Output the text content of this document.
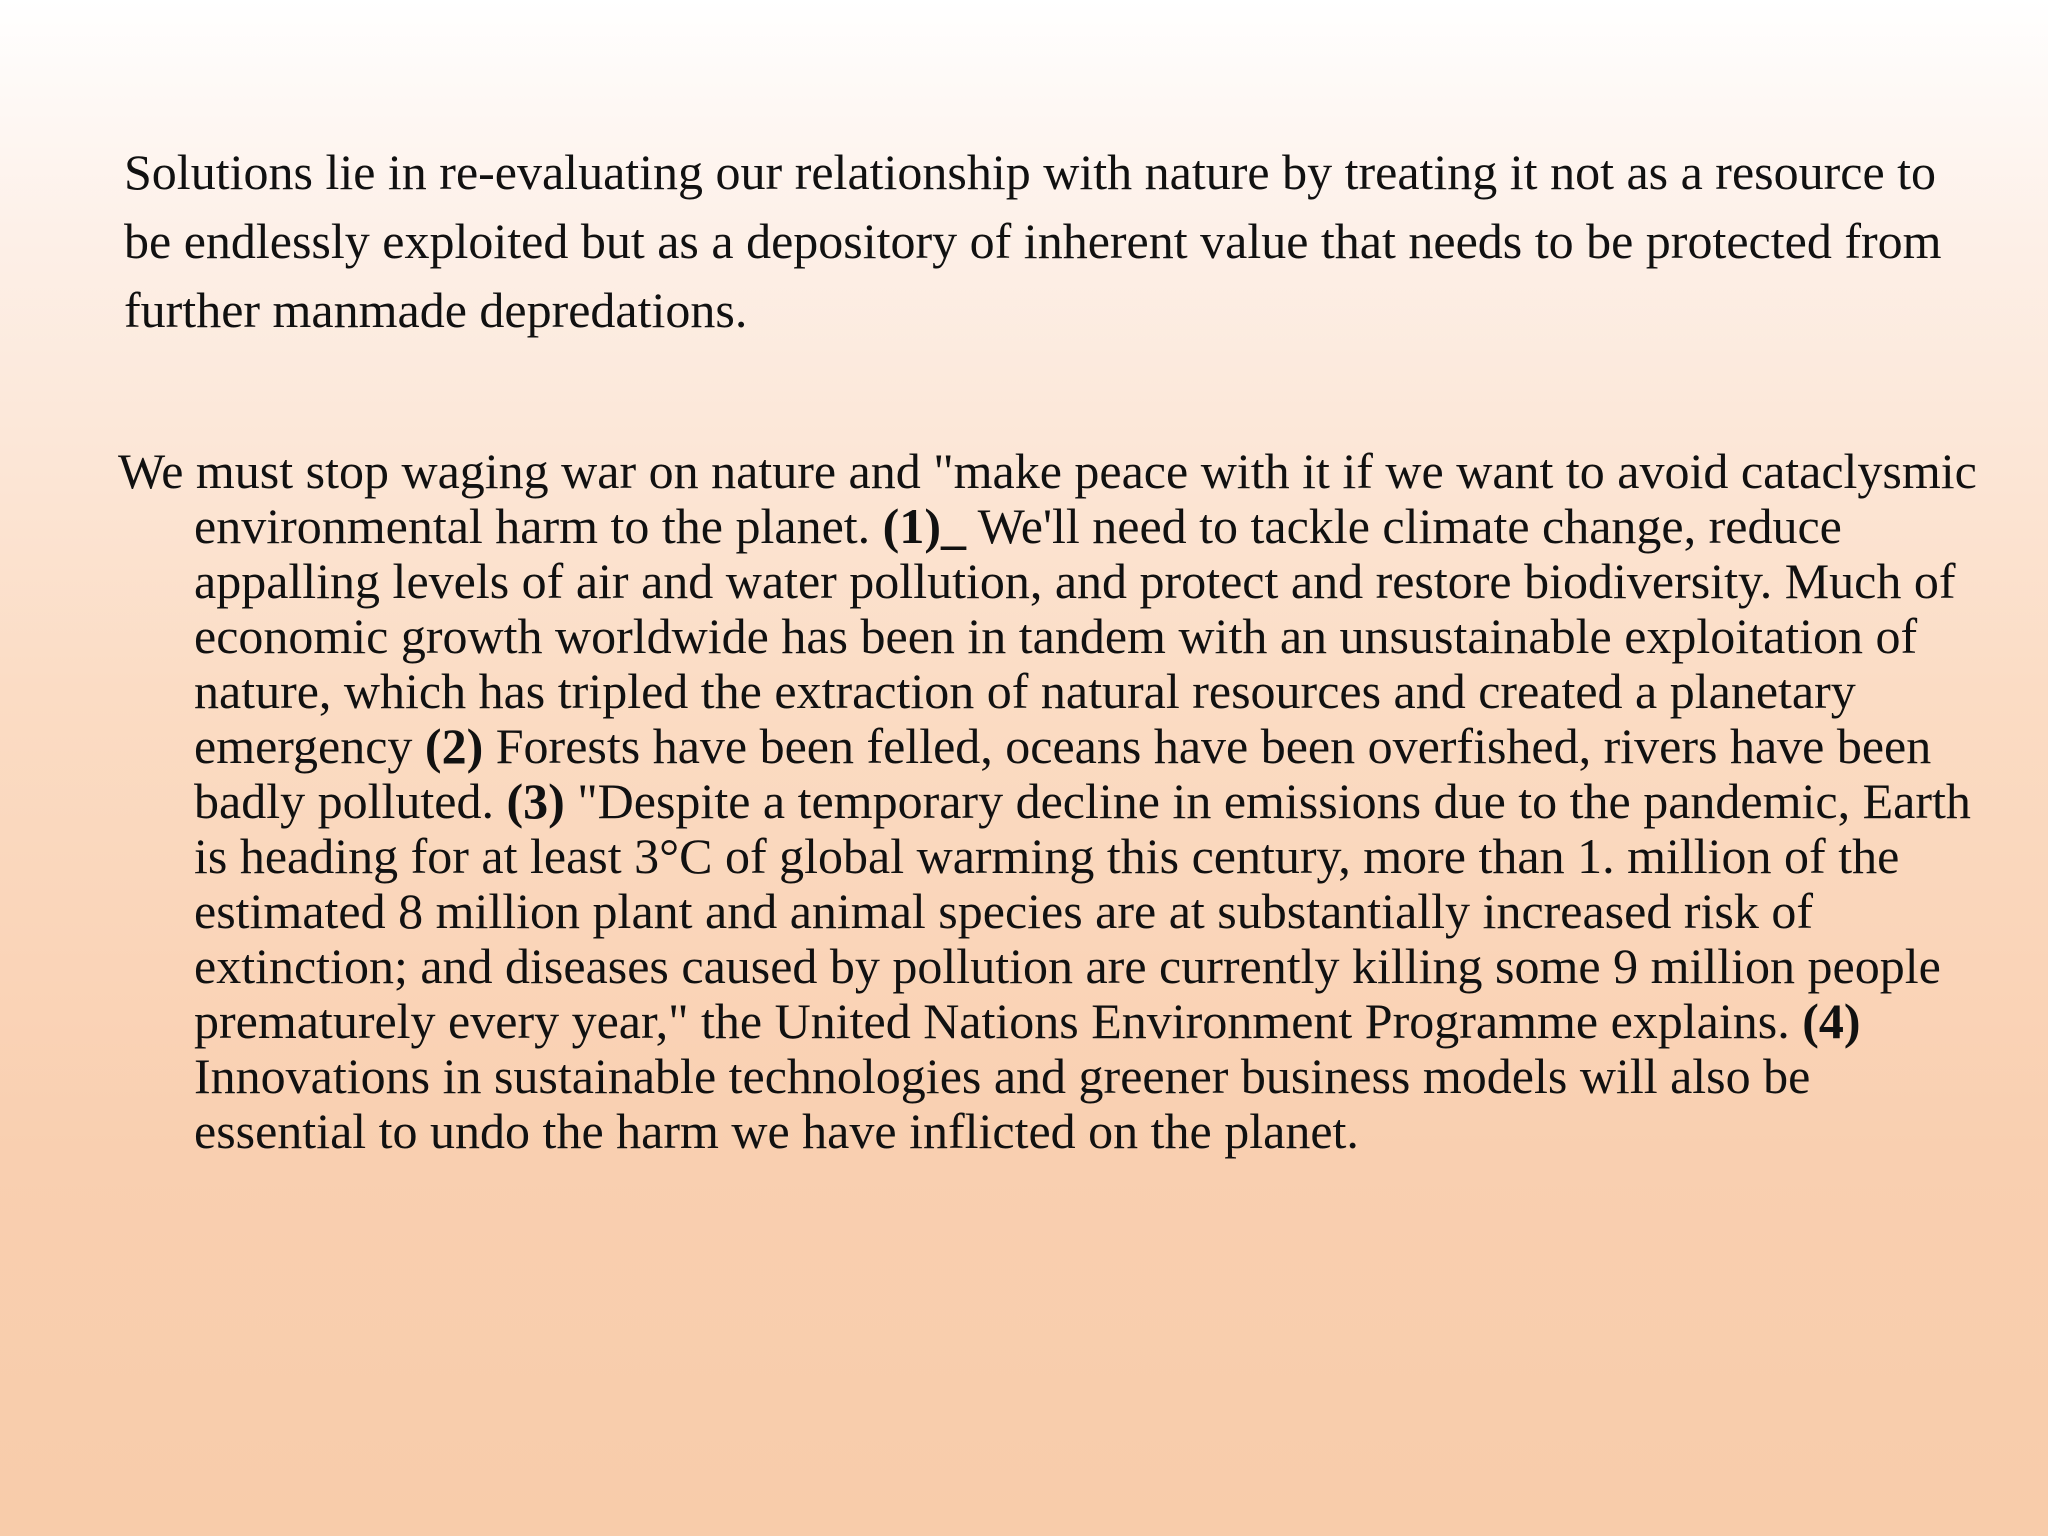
Solutions lie in re-evaluating our relationship with nature by treating it not as a resource to be endlessly exploited but as a depository of inherent value that needs to be protected from further manmade depredations.

We must stop waging war on nature and "make peace with it if we want to avoid cataclysmic environmental harm to the planet. (1)_ We'll need to tackle climate change, reduce appalling levels of air and water pollution, and protect and restore biodiversity. Much of economic growth worldwide has been in tandem with an unsustainable exploitation of nature, which has tripled the extraction of natural resources and created a planetary emergency (2) Forests have been felled, oceans have been overfished, rivers have been badly polluted. (3) "Despite a temporary decline in emissions due to the pandemic, Earth is heading for at least 3°C of global warming this century, more than 1. million of the estimated 8 million plant and animal species are at substantially increased risk of extinction; and diseases caused by pollution are currently killing some 9 million people prematurely every year," the United Nations Environment Programme explains. (4) Innovations in sustainable technologies and greener business models will also be essential to undo the harm we have inflicted on the planet.
